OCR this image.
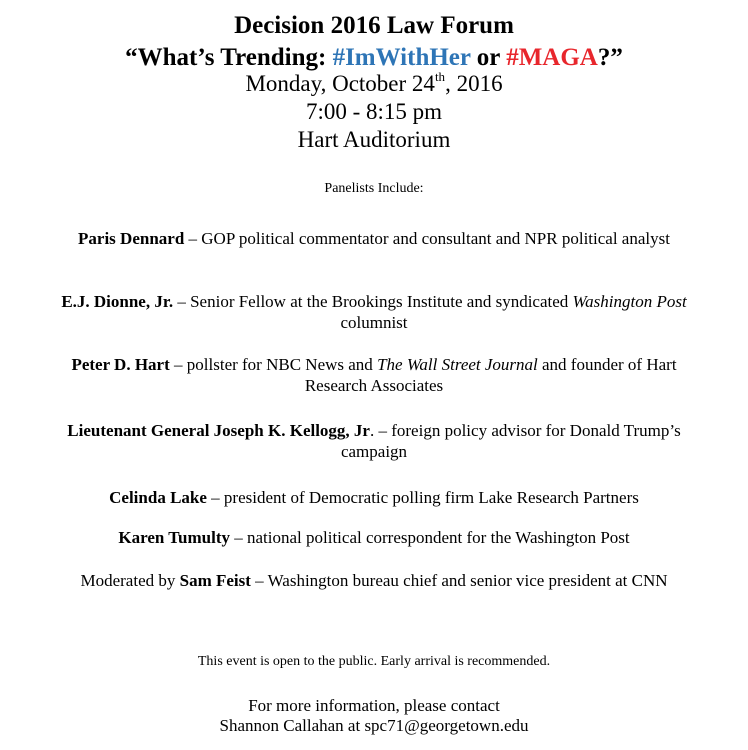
Decision 2016 Law Forum
“What’s Trending: #ImWithHer or #MAGA?”
Monday, October 24th, 2016
7:00 - 8:15 pm
Hart Auditorium
Panelists Include:
Paris Dennard – GOP political commentator and consultant and NPR political analyst
E.J. Dionne, Jr. – Senior Fellow at the Brookings Institute and syndicated Washington Post columnist
Peter D. Hart – pollster for NBC News and The Wall Street Journal and founder of Hart Research Associates
Lieutenant General Joseph K. Kellogg, Jr. – foreign policy advisor for Donald Trump’s campaign
Celinda Lake – president of Democratic polling firm Lake Research Partners
Karen Tumulty – national political correspondent for the Washington Post
Moderated by Sam Feist – Washington bureau chief and senior vice president at CNN
This event is open to the public. Early arrival is recommended.
For more information, please contact
Shannon Callahan at spc71@georgetown.edu
